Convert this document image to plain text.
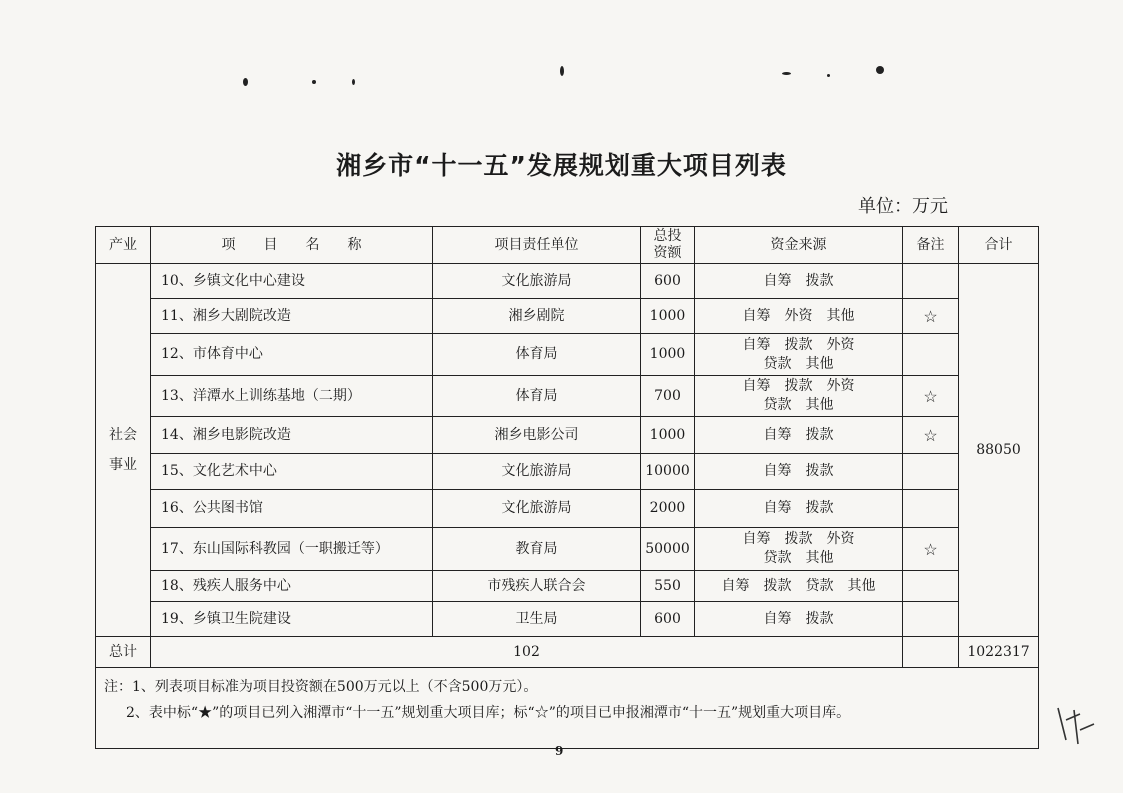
湘乡市“十一五”发展规划重大项目列表
单位：万元
产业	项　　目　　名　　称	项目责任单位	总投资额	资金来源	备注	合计

社会事业	10、乡镇文化中心建设	文化旅游局	600	自筹　拨款		88050
	11、湘乡大剧院改造	湘乡剧院	1000	自筹　外资　其他	☆	
	12、市体育中心	体育局	1000	自筹　拨款　外资　贷款　其他		

	13、洋潭水上训练基地（二期）	体育局	700	自筹　拨款　外资　贷款　其他	☆	
	14、湘乡电影院改造	湘乡电影公司	1000	自筹　拨款	☆	
	15、文化艺术中心	文化旅游局	10000	自筹　拨款		
	16、公共图书馆	文化旅游局	2000	自筹　拨款		
	17、东山国际科教园（一职搬迁等）	教育局	50000	自筹　拨款　外资　贷款　其他	☆	
	18、残疾人服务中心	市残疾人联合会	550	自筹　拨款　贷款　其他		
	19、乡镇卫生院建设	卫生局	600	自筹　拨款		
总计	102					1022317

注：1、列表项目标准为项目投资额在500万元以上（不含500万元）。
2、表中标“★”的项目已列入湘潭市“十一五”规划重大项目库；标“☆”的项目已申报湘潭市“十一五”规划重大项目库。						
9
